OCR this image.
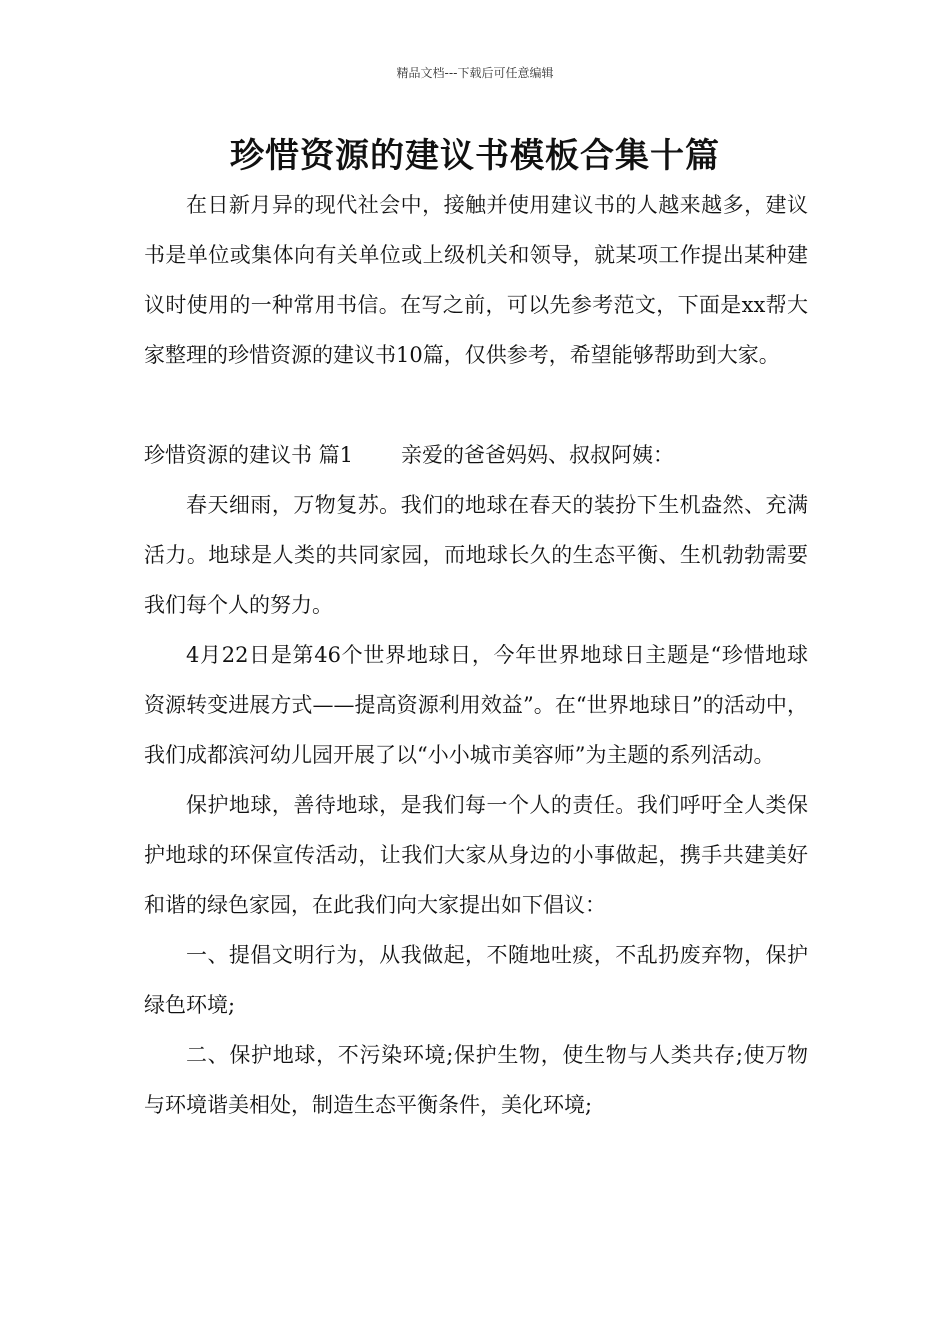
精品文档---下载后可任意编辑
珍惜资源的建议书模板合集十篇

在日新月异的现代社会中，接触并使用建议书的人越来越多，建议书是单位或集体向有关单位或上级机关和领导，就某项工作提出某种建议时使用的一种常用书信。在写之前，可以先参考范文，下面是xx帮大家整理的珍惜资源的建议书10篇，仅供参考，希望能够帮助到大家。

珍惜资源的建议书 篇1 亲爱的爸爸妈妈、叔叔阿姨：

春天细雨，万物复苏。我们的地球在春天的装扮下生机盎然、充满活力。地球是人类的共同家园，而地球长久的生态平衡、生机勃勃需要我们每个人的努力。

4月22日是第46个世界地球日，今年世界地球日主题是“珍惜地球资源转变进展方式——提高资源利用效益”。在“世界地球日”的活动中，我们成都滨河幼儿园开展了以“小小城市美容师”为主题的系列活动。

保护地球，善待地球，是我们每一个人的责任。我们呼吁全人类保护地球的环保宣传活动，让我们大家从身边的小事做起，携手共建美好和谐的绿色家园，在此我们向大家提出如下倡议：

一、提倡文明行为，从我做起，不随地吐痰，不乱扔废弃物，保护绿色环境;

二、保护地球，不污染环境;保护生物，使生物与人类共存;使万物与环境谐美相处，制造生态平衡条件，美化环境;
